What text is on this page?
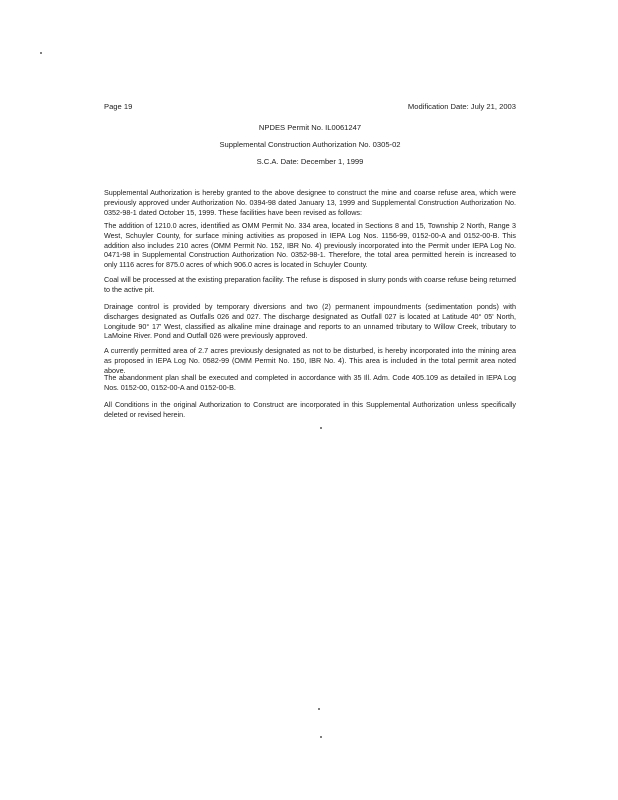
Page 19	Modification Date: July 21, 2003
NPDES Permit No. IL0061247
Supplemental Construction Authorization No. 0305-02
S.C.A. Date: December 1, 1999

Supplemental Authorization is hereby granted to the above designee to construct the mine and coarse refuse area, which were previously approved under Authorization No. 0394-98 dated January 13, 1999 and Supplemental Construction Authorization No. 0352-98-1 dated October 15, 1999. These facilities have been revised as follows:

The addition of 1210.0 acres, identified as OMM Permit No. 334 area, located in Sections 8 and 15, Township 2 North, Range 3 West, Schuyler County, for surface mining activities as proposed in IEPA Log Nos. 1156-99, 0152-00-A and 0152-00-B. This addition also includes 210 acres (OMM Permit No. 152, IBR No. 4) previously incorporated into the Permit under IEPA Log No. 0471-98 in Supplemental Construction Authorization No. 0352-98-1. Therefore, the total area permitted herein is increased to only 1116 acres for 875.0 acres of which 906.0 acres is located in Schuyler County.

Coal will be processed at the existing preparation facility. The refuse is disposed in slurry ponds with coarse refuse being returned to the active pit.

Drainage control is provided by temporary diversions and two (2) permanent impoundments (sedimentation ponds) with discharges designated as Outfalls 026 and 027. The discharge designated as Outfall 027 is located at Latitude 40° 05' North, Longitude 90° 17' West, classified as alkaline mine drainage and reports to an unnamed tributary to Willow Creek, tributary to LaMoine River. Pond and Outfall 026 were previously approved.

A currently permitted area of 2.7 acres previously designated as not to be disturbed, is hereby incorporated into the mining area as proposed in IEPA Log No. 0582-99 (OMM Permit No. 150, IBR No. 4). This area is included in the total permit area noted above.

The abandonment plan shall be executed and completed in accordance with 35 Ill. Adm. Code 405.109 as detailed in IEPA Log Nos. 0152-00, 0152-00-A and 0152-00-B.

All Conditions in the original Authorization to Construct are incorporated in this Supplemental Authorization unless specifically deleted or revised herein.
